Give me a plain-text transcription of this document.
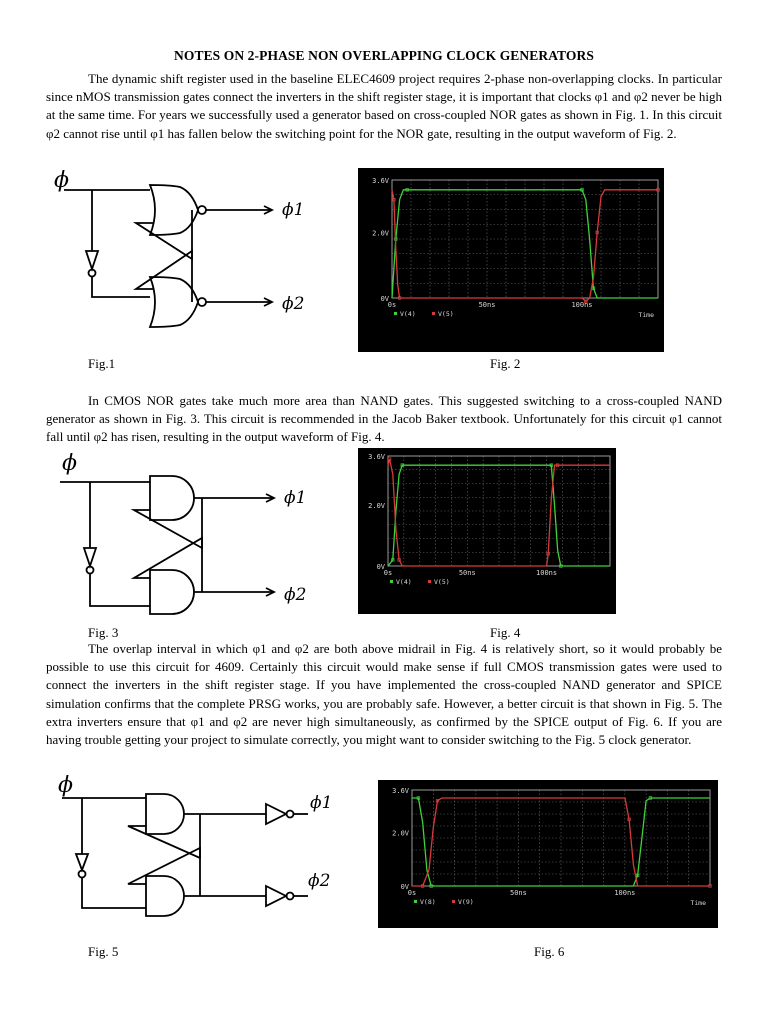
NOTES ON 2-PHASE NON OVERLAPPING CLOCK GENERATORS
The dynamic shift register used in the baseline ELEC4609 project requires 2-phase non-overlapping clocks. In particular since nMOS transmission gates connect the inverters in the shift register stage, it is important that clocks φ1 and φ2 never be high at the same time. For years we successfully used a generator based on cross-coupled NOR gates as shown in Fig. 1. In this circuit φ2 cannot rise until φ1 has fallen below the switching point for the NOR gate, resulting in the output waveform of Fig. 2.
ϕ
ϕ1
ϕ2
3.6V
2.0V
0V
0s	50ns	100ns
V(4)	V(5)	Time
Fig.1	Fig. 2
In CMOS NOR gates take much more area than NAND gates. This suggested switching to a cross-coupled NAND generator as shown in Fig. 3. This circuit is recommended in the Jacob Baker textbook. Unfortunately for this circuit φ1 cannot fall until φ2 has risen, resulting in the output waveform of Fig. 4.
ϕ
ϕ1
ϕ2
3.6V
2.0V
0V
0s	50ns	100ns
V(4)	V(5)
Fig. 3	Fig. 4
The overlap interval in which φ1 and φ2 are both above midrail in Fig. 4 is relatively short, so it would probably be possible to use this circuit for 4609. Certainly this circuit would make sense if full CMOS transmission gates were used to connect the inverters in the shift register stage. If you have implemented the cross-coupled NAND generator and SPICE simulation confirms that the complete PRSG works, you are probably safe. However, a better circuit is that shown in Fig. 5. The extra inverters ensure that φ1 and φ2 are never high simultaneously, as confirmed by the SPICE output of Fig. 6. If you are having trouble getting your project to simulate correctly, you might want to consider switching to the Fig. 5 clock generator.
ϕ
ϕ1
ϕ2
3.6V
2.0V
0V
0s	50ns	100ns
V(8)	V(9)	Time
Fig. 5	Fig. 6
